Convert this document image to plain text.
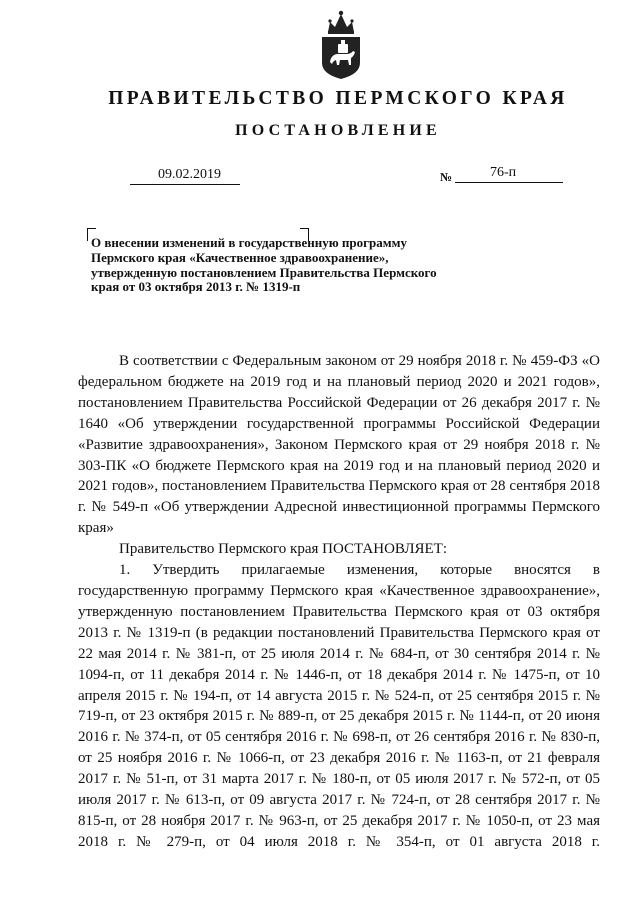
ПРАВИТЕЛЬСТВО ПЕРМСКОГО КРАЯ
ПОСТАНОВЛЕНИЕ
09.02.2019	№	76-п

О внесении изменений в государственную программу Пермского края «Качественное здравоохранение», утвержденную постановлением Правительства Пермского края от 03 октября 2013 г. № 1319-п

В соответствии с Федеральным законом от 29 ноября 2018 г. № 459-ФЗ «О федеральном бюджете на 2019 год и на плановый период 2020 и 2021 годов», постановлением Правительства Российской Федерации от 26 декабря 2017 г. № 1640 «Об утверждении государственной программы Российской Федерации «Развитие здравоохранения», Законом Пермского края от 29 ноября 2018 г. № 303-ПК «О бюджете Пермского края на 2019 год и на плановый период 2020 и 2021 годов», постановлением Правительства Пермского края от 28 сентября 2018 г. № 549-п «Об утверждении Адресной инвестиционной программы Пермского края»

Правительство Пермского края ПОСТАНОВЛЯЕТ:

1. Утвердить прилагаемые изменения, которые вносятся в государственную программу Пермского края «Качественное здравоохранение», утвержденную постановлением Правительства Пермского края от 03 октября 2013 г. № 1319-п (в редакции постановлений Правительства Пермского края от 22 мая 2014 г. № 381-п, от 25 июля 2014 г. № 684-п, от 30 сентября 2014 г. № 1094-п, от 11 декабря 2014 г. № 1446-п, от 18 декабря 2014 г. № 1475-п, от 10 апреля 2015 г. № 194-п, от 14 августа 2015 г. № 524-п, от 25 сентября 2015 г. № 719-п, от 23 октября 2015 г. № 889-п, от 25 декабря 2015 г. № 1144-п, от 20 июня 2016 г. № 374-п, от 05 сентября 2016 г. № 698-п, от 26 сентября 2016 г. № 830-п, от 25 ноября 2016 г. № 1066-п, от 23 декабря 2016 г. № 1163-п, от 21 февраля 2017 г. № 51-п, от 31 марта 2017 г. № 180-п, от 05 июля 2017 г. № 572-п, от 05 июля 2017 г. № 613-п, от 09 августа 2017 г. № 724-п, от 28 сентября 2017 г. № 815-п, от 28 ноября 2017 г. № 963-п, от 25 декабря 2017 г. № 1050-п, от 23 мая 2018 г. № 279-п, от 04 июля 2018 г. № 354-п, от 01 августа 2018 г.
